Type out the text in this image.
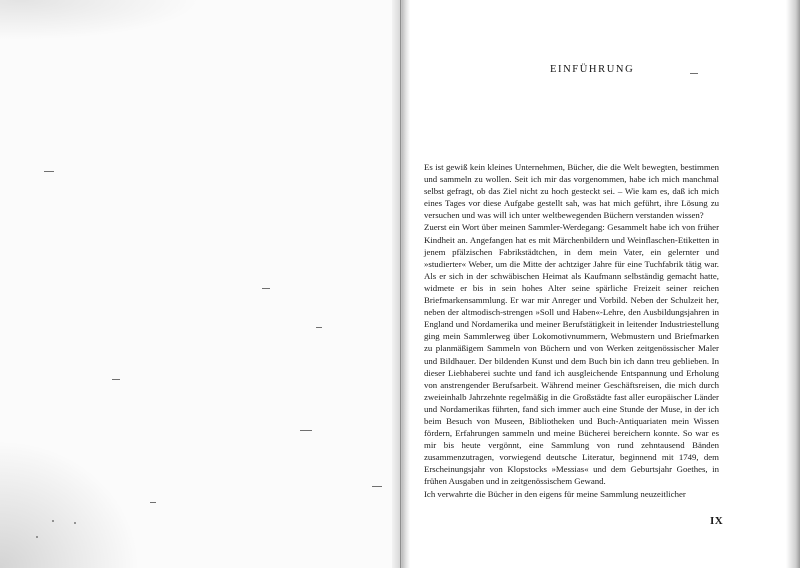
EINFÜHRUNG

Es ist gewiß kein kleines Unternehmen, Bücher, die die Welt bewegten, bestimmen und sammeln zu wollen. Seit ich mir das vorgenommen, habe ich mich manchmal selbst gefragt, ob das Ziel nicht zu hoch gesteckt sei. – Wie kam es, daß ich mich eines Tages vor diese Aufgabe gestellt sah, was hat mich geführt, ihre Lösung zu versuchen und was will ich unter weltbewegenden Büchern verstanden wissen?

Zuerst ein Wort über meinen Sammler-Werdegang: Gesammelt habe ich von früher Kindheit an. Angefangen hat es mit Märchenbildern und Weinflaschen-Etiketten in jenem pfälzischen Fabrikstädtchen, in dem mein Vater, ein gelernter und »studierter« Weber, um die Mitte der achtziger Jahre für eine Tuchfabrik tätig war. Als er sich in der schwäbischen Heimat als Kaufmann selbständig gemacht hatte, widmete er bis in sein hohes Alter seine spärliche Freizeit seiner reichen Briefmarkensammlung. Er war mir Anreger und Vorbild. Neben der Schulzeit her, neben der altmodisch-strengen »Soll und Haben«-Lehre, den Ausbildungsjahren in England und Nordamerika und meiner Berufstätigkeit in leitender Industriestellung ging mein Sammlerweg über Lokomotivnummern, Webmustern und Briefmarken zu planmäßigem Sammeln von Büchern und von Werken zeitgenössischer Maler und Bildhauer. Der bildenden Kunst und dem Buch bin ich dann treu geblieben. In dieser Liebhaberei suchte und fand ich ausgleichende Entspannung und Erholung von anstrengender Berufsarbeit. Während meiner Geschäftsreisen, die mich durch zweieinhalb Jahrzehnte regelmäßig in die Großstädte fast aller europäischer Länder und Nordamerikas führten, fand sich immer auch eine Stunde der Muse, in der ich beim Besuch von Museen, Bibliotheken und Buch-Antiquariaten mein Wissen fördern, Erfahrungen sammeln und meine Bücherei bereichern konnte. So war es mir bis heute vergönnt, eine Sammlung von rund zehntausend Bänden zusammenzutragen, vorwiegend deutsche Literatur, beginnend mit 1749, dem Erscheinungsjahr von Klopstocks »Messias« und dem Geburtsjahr Goethes, in frühen Ausgaben und in zeitgenössischem Gewand.

Ich verwahrte die Bücher in den eigens für meine Sammlung neuzeitlicher

IX
